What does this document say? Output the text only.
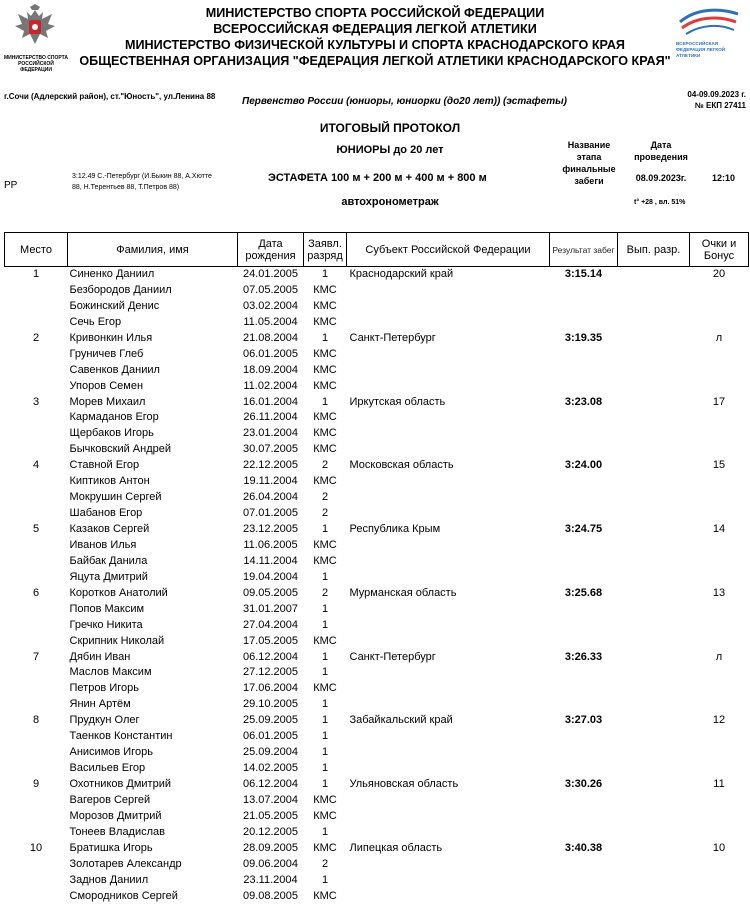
МИНИСТЕРСТВО СПОРТА РОССИЙСКОЙ ФЕДЕРАЦИИ
ВСЕРОССИЙСКАЯ ФЕДЕРАЦИЯ ЛЕГКОЙ АТЛЕТИКИ
МИНИСТЕРСТВО СПОРТА РОССИЙСКОЙ ФЕДЕРАЦИИ
ВСЕРОССИЙСКАЯ ФЕДЕРАЦИЯ ЛЕГКОЙ АТЛЕТИКИ
МИНИСТЕРСТВО ФИЗИЧЕСКОЙ КУЛЬТУРЫ И СПОРТА КРАСНОДАРСКОГО КРАЯ
ОБЩЕСТВЕННАЯ ОРГАНИЗАЦИЯ "ФЕДЕРАЦИЯ ЛЕГКОЙ АТЛЕТИКИ КРАСНОДАРСКОГО КРАЯ"
г.Сочи (Адлерский район), ст."Юность", ул.Ленина 88	Первенство России (юниоры, юниорки (до20 лет)) (эстафеты)
04-09.09.2023 г.
№ ЕКП 27411
ИТОГОВЫЙ ПРОТОКОЛ
ЮНИОРЫ до 20 лет
ЭСТАФЕТА 100 м + 200 м + 400 м + 800 м
автохронометраж
РР
3:12.49 С.-Петербург (И.Быкин 88, А.Хютте
88, Н.Терентьев 88, Т.Петров 88)
Название
этапа
финальные
забеги
Дата
проведения
08.09.2023г.	12:10
t° +28 , вл. 51%
Место	Фамилия, имя	Дата рождения	Заявл. разряд	Субъект Российской Федерации	Результат забег	Вып. разр.	Очки и Бонус
1	Синенко Даниил	24.01.2005	1	Краснодарский край	3:15.14		20
	Безбородов Даниил	07.05.2005	КМС				
	Божинский Денис	03.02.2004	КМС				
	Сечь Егор	11.05.2004	КМС				
2	Кривонкин Илья	21.08.2004	1	Санкт-Петербург	3:19.35		л
	Груничев Глеб	06.01.2005	КМС				
	Савенков Даниил	18.09.2004	КМС				
	Упоров Семен	11.02.2004	КМС				
3	Морев Михаил	16.01.2004	1	Иркутская область	3:23.08		17
	Кармаданов Егор	26.11.2004	КМС				
	Щербаков Игорь	23.01.2004	КМС				
	Бычковский Андрей	30.07.2005	КМС				
4	Ставной Егор	22.12.2005	2	Московская область	3:24.00		15
	Киптиков Антон	19.11.2004	КМС				
	Мокрушин Сергей	26.04.2004	2				
	Шабанов Егор	07.01.2005	2				
5	Казаков Сергей	23.12.2005	1	Республика Крым	3:24.75		14
	Иванов Илья	11.06.2005	КМС				
	Байбак Данила	14.11.2004	КМС				
	Яцута Дмитрий	19.04.2004	1				
6	Коротков Анатолий	09.05.2005	2	Мурманская область	3:25.68		13
	Попов Максим	31.01.2007	1				
	Гречко Никита	27.04.2004	1				
	Скрипник Николай	17.05.2005	КМС				
7	Дябин Иван	06.12.2004	1	Санкт-Петербург	3:26.33		л
	Маслов Максим	27.12.2005	1				
	Петров Игорь	17.06.2004	КМС				
	Янин Артём	29.10.2005	1				
8	Прудкун Олег	25.09.2005	1	Забайкальский край	3:27.03		12
	Таенков Константин	06.01.2005	1				
	Анисимов Игорь	25.09.2004	1				
	Васильев Егор	14.02.2005	1				
9	Охотников Дмитрий	06.12.2004	1	Ульяновская область	3:30.26		11
	Вагеров Сергей	13.07.2004	КМС				
	Морозов Дмитрий	21.05.2005	КМС				
	Тонеев Владислав	20.12.2005	1				
10	Братишка Игорь	28.09.2005	КМС	Липецкая область	3:40.38		10
	Золотарев Александр	09.06.2004	2				
	Заднов Даниил	23.11.2004	1				
	Смородников Сергей	09.08.2005	КМС				
